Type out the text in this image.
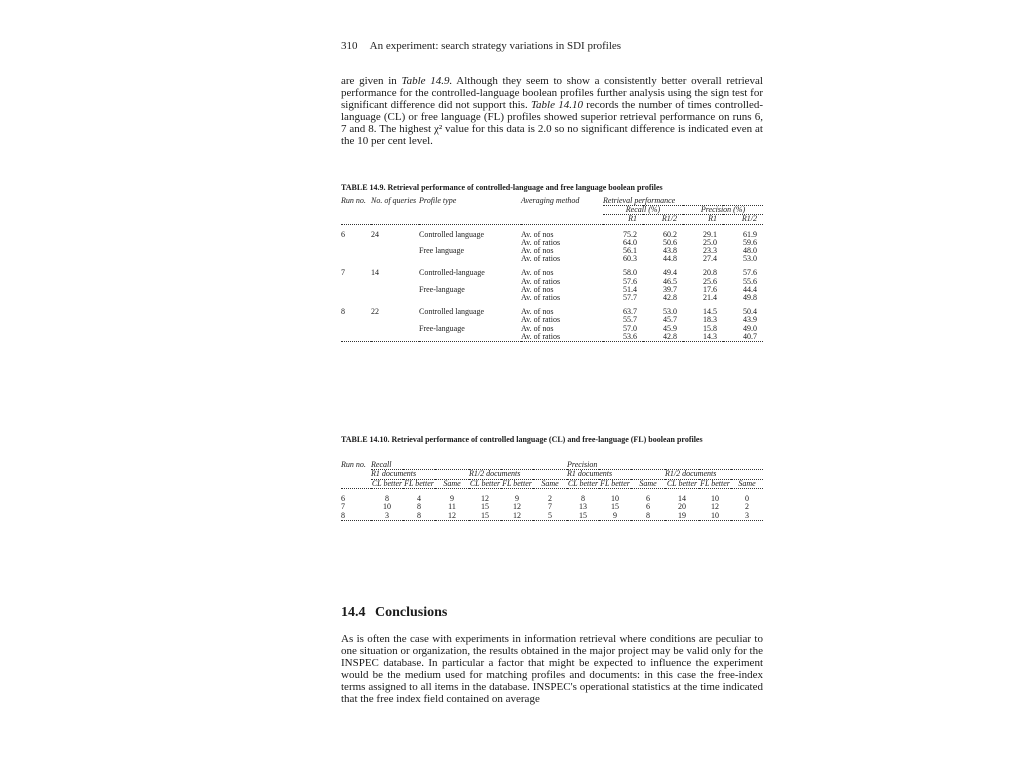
310 An experiment: search strategy variations in SDI profiles
are given in Table 14.9. Although they seem to show a consistently better overall retrieval performance for the controlled-language boolean profiles further analysis using the sign test for significant difference did not support this. Table 14.10 records the number of times controlled-language (CL) or free language (FL) profiles showed superior retrieval performance on runs 6, 7 and 8. The highest χ² value for this data is 2.0 so no significant difference is indicated even at the 10 per cent level.
TABLE 14.9. Retrieval performance of controlled-language and free language boolean profiles
Run no.	No. of queries	Profile type	Averaging method	Retrieval performance			
				Recall (%)		Precision (%)	
				R1	R1/2	R1	R1/2

6	24	Controlled language	Av. of nos	75.2	60.2	29.1	61.9
			Av. of ratios	64.0	50.6	25.0	59.6
		Free language	Av. of nos	56.1	43.8	23.3	48.0
			Av. of ratios	60.3	44.8	27.4	53.0

7	14	Controlled-language	Av. of nos	58.0	49.4	20.8	57.6
			Av. of ratios	57.6	46.5	25.6	55.6
		Free-language	Av. of nos	51.4	39.7	17.6	44.4
			Av. of ratios	57.7	42.8	21.4	49.8

8	22	Controlled language	Av. of nos	63.7	53.0	14.5	50.4
			Av. of ratios	55.7	45.7	18.3	43.9
		Free-language	Av. of nos	57.0	45.9	15.8	49.0
			Av. of ratios	53.6	42.8	14.3	40.7
TABLE 14.10. Retrieval performance of controlled language (CL) and free-language (FL) boolean profiles
Run no.	Recall						Precision					
	R1 documents			R1/2 documents			R1 documents			R1/2 documents		
	CL better	FL better	Same	CL better	FL better	Same	CL better	FL better	Same	CL better	FL better	Same

6	8	4	9	12	9	2	8	10	6	14	10	0
7	10	8	11	15	12	7	13	15	6	20	12	2
8	3	8	12	15	12	5	15	9	8	19	10	3
14.4 Conclusions
As is often the case with experiments in information retrieval where conditions are peculiar to one situation or organization, the results obtained in the major project may be valid only for the INSPEC database. In particular a factor that might be expected to influence the experiment would be the medium used for matching profiles and documents: in this case the free-index terms assigned to all items in the database. INSPEC's operational statistics at the time indicated that the free index field contained on average
